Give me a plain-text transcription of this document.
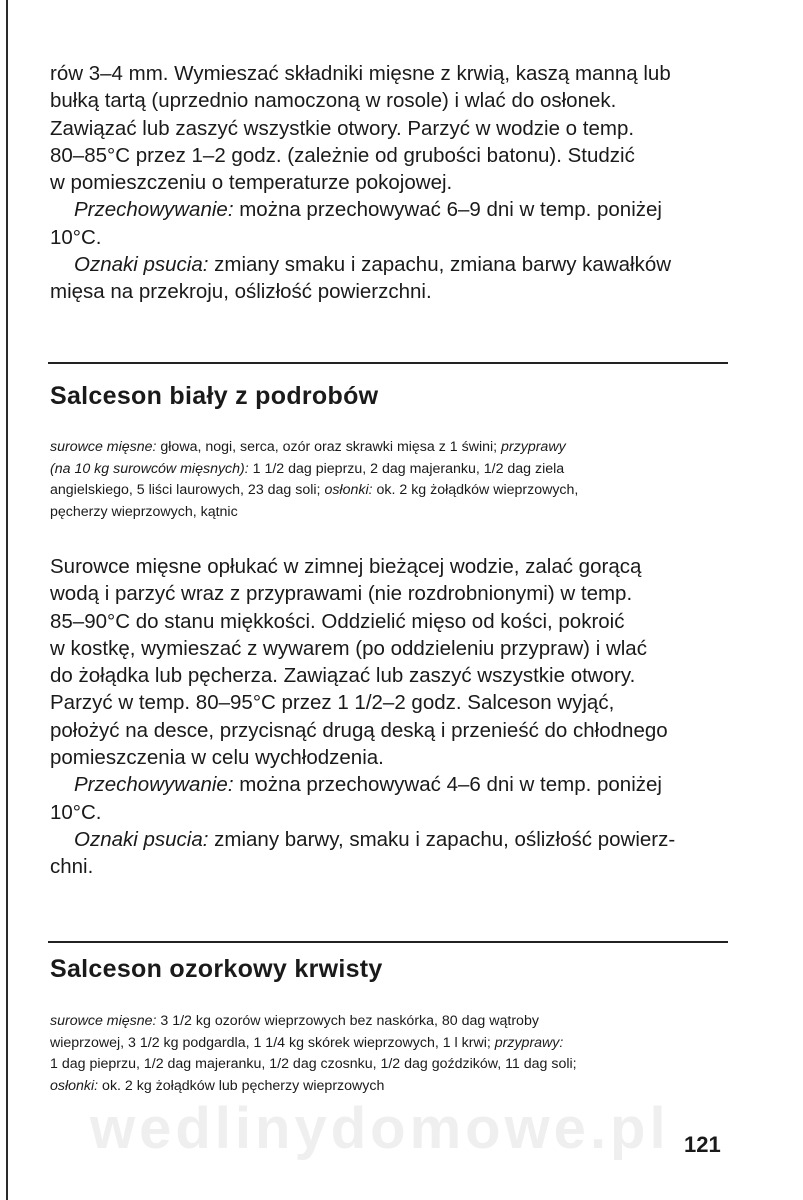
rów 3–4 mm. Wymieszać składniki mięsne z krwią, kaszą manną lub
bułką tartą (uprzednio namoczoną w rosole) i wlać do osłonek.
Zawiązać lub zaszyć wszystkie otwory. Parzyć w wodzie o temp.
80–85°C przez 1–2 godz. (zależnie od grubości batonu). Studzić
w pomieszczeniu o temperaturze pokojowej.
Przechowywanie: można przechowywać 6–9 dni w temp. poniżej
10°C.
Oznaki psucia: zmiany smaku i zapachu, zmiana barwy kawałków
mięsa na przekroju, oślizłość powierzchni.
Salceson biały z podrobów
surowce mięsne: głowa, nogi, serca, ozór oraz skrawki mięsa z 1 świni; przyprawy
(na 10 kg surowców mięsnych): 1 1/2 dag pieprzu, 2 dag majeranku, 1/2 dag ziela
angielskiego, 5 liści laurowych, 23 dag soli; osłonki: ok. 2 kg żołądków wieprzowych,
pęcherzy wieprzowych, kątnic
Surowce mięsne opłukać w zimnej bieżącej wodzie, zalać gorącą
wodą i parzyć wraz z przyprawami (nie rozdrobnionymi) w temp.
85–90°C do stanu miękkości. Oddzielić mięso od kości, pokroić
w kostkę, wymieszać z wywarem (po oddzieleniu przypraw) i wlać
do żołądka lub pęcherza. Zawiązać lub zaszyć wszystkie otwory.
Parzyć w temp. 80–95°C przez 1 1/2–2 godz. Salceson wyjąć,
położyć na desce, przycisnąć drugą deską i przenieść do chłodnego
pomieszczenia w celu wychłodzenia.
Przechowywanie: można przechowywać 4–6 dni w temp. poniżej
10°C.
Oznaki psucia: zmiany barwy, smaku i zapachu, oślizłość powierz-
chni.
Salceson ozorkowy krwisty
surowce mięsne: 3 1/2 kg ozorów wieprzowych bez naskórka, 80 dag wątroby
wieprzowej, 3 1/2 kg podgardla, 1 1/4 kg skórek wieprzowych, 1 l krwi; przyprawy:
1 dag pieprzu, 1/2 dag majeranku, 1/2 dag czosnku, 1/2 dag goździków, 11 dag soli;
osłonki: ok. 2 kg żołądków lub pęcherzy wieprzowych
wedlinydomowe.pl 121
